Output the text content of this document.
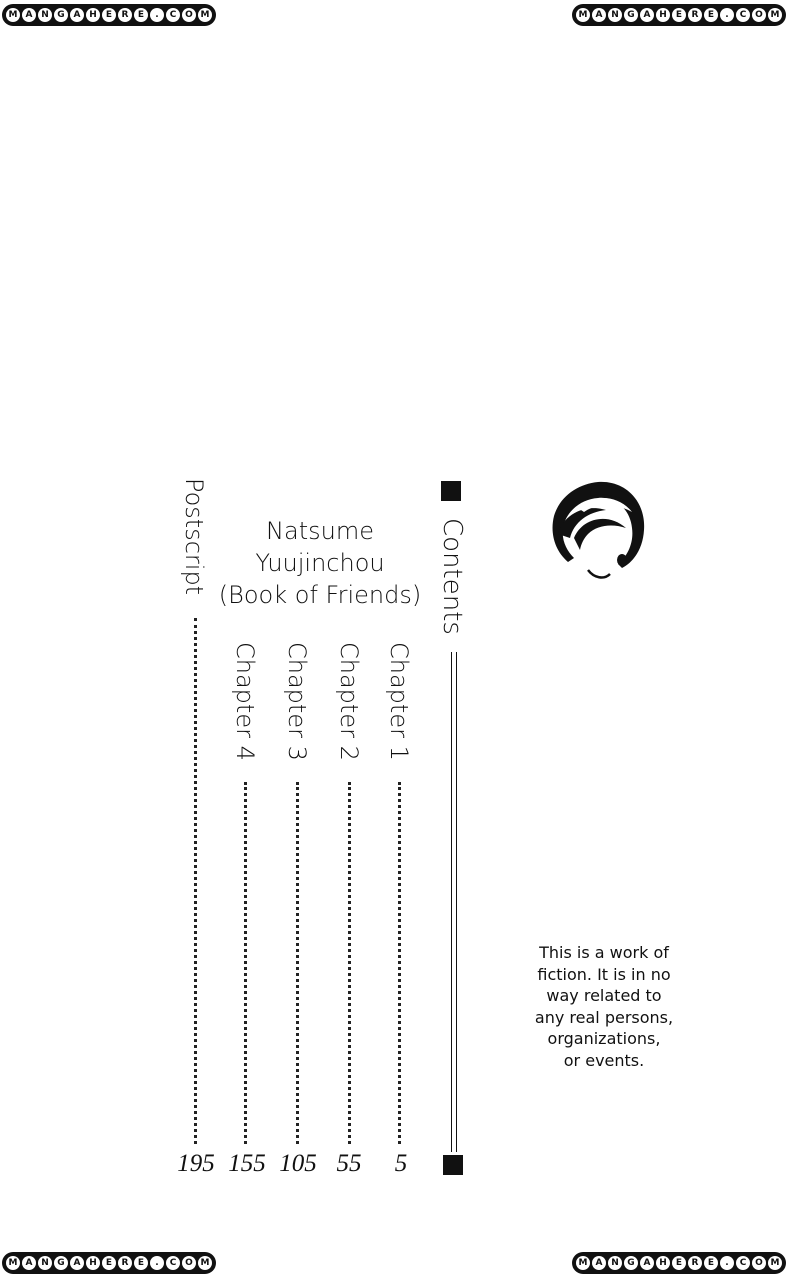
M A N G A H	E	R	E	.	C O M	M A N G A H	E	R	E	.	C O M
M A N G A H	E	R	E	.	C O M	M A N G A H	E	R	E	.	C O M
Contents
Natsume
Yuujinchou
(Book of Friends)
Chapter 1
5
Chapter 2
55
Chapter 3
105
Chapter 4
155
Postscript
195
This is a work of
fiction. It is in no
way related to
any real persons,
organizations,
or events.
